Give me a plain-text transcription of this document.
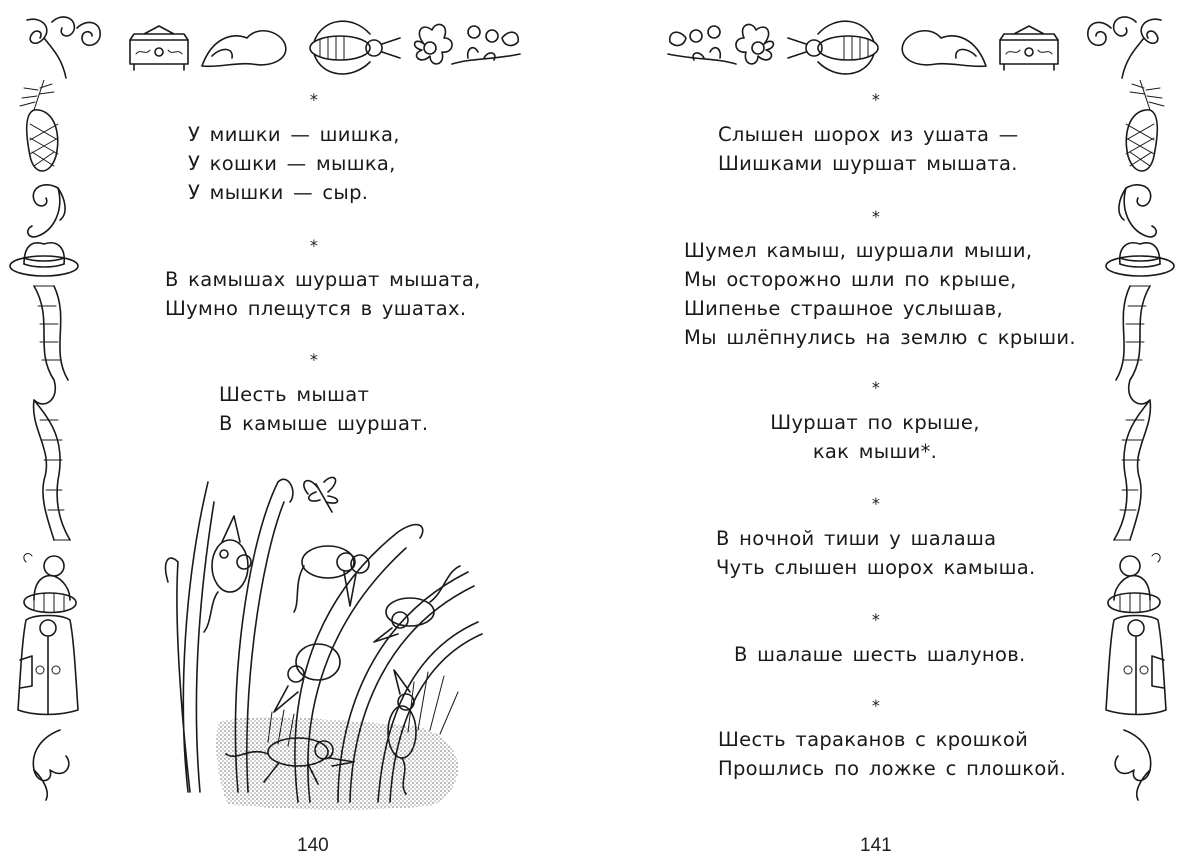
*
У мишки — шишка,
У кошки — мышка,
У мышки — сыр.
*
В камышах шуршат мышата,
Шумно плещутся в ушатах.
*
Шесть мышат
В камыше шуршат.
140
*
Слышен шорох из ушата —
Шишками шуршат мышата.
*
Шумел камыш, шуршали мыши,
Мы осторожно шли по крыше,
Шипенье страшное услышав,
Мы шлёпнулись на землю с крыши.
*
Шуршат по крыше,
как мыши*.
*
В ночной тиши у шалаша
Чуть слышен шорох камыша.
*
В шалаше шесть шалунов.
*
Шесть тараканов с крошкой
Прошлись по ложке с плошкой.
141
